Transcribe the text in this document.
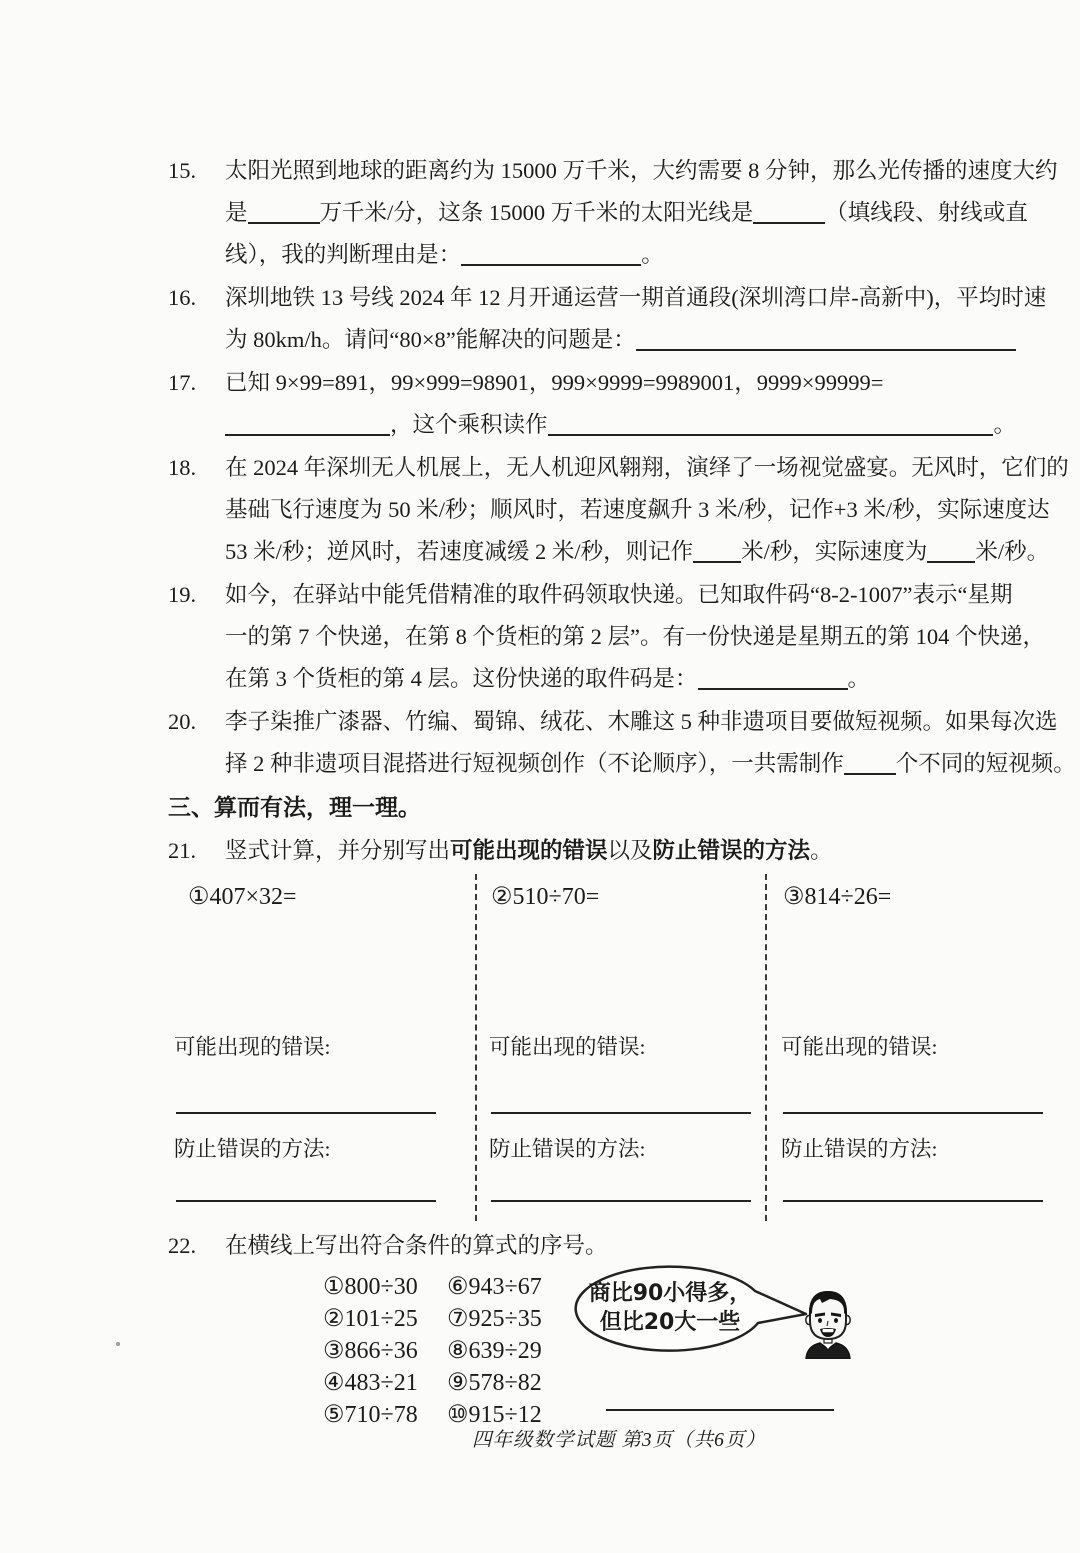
15. 太阳光照到地球的距离约为 15000 万千米，大约需要 8 分钟，那么光传播的速度大约
是	万千米/分，这条 15000 万千米的太阳光线是	（填线段、射线或直
线），我的判断理由是：	。
16. 深圳地铁 13 号线 2024 年 12 月开通运营一期首通段(深圳湾口岸-高新中)，平均时速
为 80km/h。请问“80×8”能解决的问题是：
17. 已知 9×99=891，99×999=98901，999×9999=9989001，9999×99999=
，这个乘积读作	。
18. 在 2024 年深圳无人机展上，无人机迎风翱翔，演绎了一场视觉盛宴。无风时，它们的
基础飞行速度为 50 米/秒；顺风时，若速度飙升 3 米/秒，记作+3 米/秒，实际速度达
53 米/秒；逆风时，若速度减缓 2 米/秒，则记作 米/秒，实际速度为 米/秒。
19. 如今，在驿站中能凭借精准的取件码领取快递。已知取件码“8-2-1007”表示“星期
一的第 7 个快递，在第 8 个货柜的第 2 层”。有一份快递是星期五的第 104 个快递，
在第 3 个货柜的第 4 层。这份快递的取件码是：	。
20. 李子柒推广漆器、竹编、蜀锦、绒花、木雕这 5 种非遗项目要做短视频。如果每次选
择 2 种非遗项目混搭进行短视频创作（不论顺序），一共需制作 个不同的短视频。
三、算而有法，理一理。
21. 竖式计算，并分别写出可能出现的错误以及防止错误的方法。
①407×32=
可能出现的错误:
防止错误的方法:
②510÷70=
可能出现的错误:
防止错误的方法:
③814÷26=
可能出现的错误:
防止错误的方法:
22. 在横线上写出符合条件的算式的序号。
①800÷30	⑥943÷67
②101÷25	⑦925÷35
③866÷36	⑧639÷29
④483÷21	⑨578÷82
⑤710÷78	⑩915÷12
商比90小得多，
但比20大一些
四年级数学试题 第3页（共6页）
